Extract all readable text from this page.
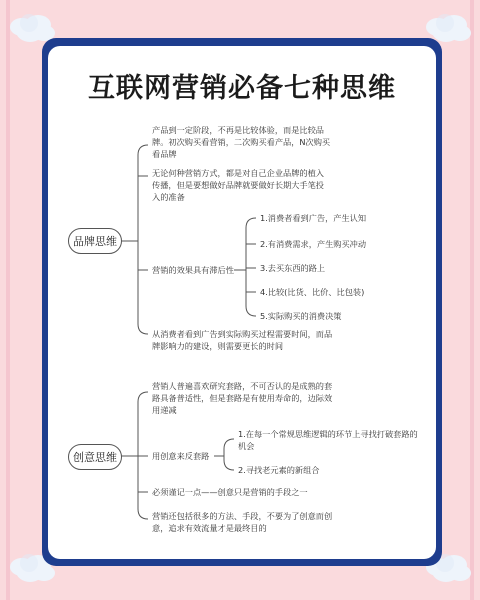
互联网营销必备七种思维
品牌思维
产品到一定阶段，不再是比较体验，而是比较品牌。初次购买看营销，二次购买看产品，N次购买看品牌
无论何种营销方式，都是对自己企业品牌的植入传播，但是要想做好品牌就要做好长期大手笔投入的准备
营销的效果具有滞后性
从消费者看到广告到实际购买过程需要时间，而品牌影响力的建设，则需要更长的时间
1.消费者看到广告，产生认知
2.有消费需求，产生购买冲动
3.去买东西的路上
4.比较(比货、比价、比包装)
5.实际购买的消费决策
创意思维
营销人普遍喜欢研究套路，不可否认的是成熟的套路具备普适性，但是套路是有使用寿命的，边际效用递减
用创意来反套路
必须谨记一点——创意只是营销的手段之一
营销还包括很多的方法、手段，不要为了创意而创意，追求有效流量才是最终目的
1.在每一个常规思维逻辑的环节上寻找打破套路的机会
2.寻找老元素的新组合
